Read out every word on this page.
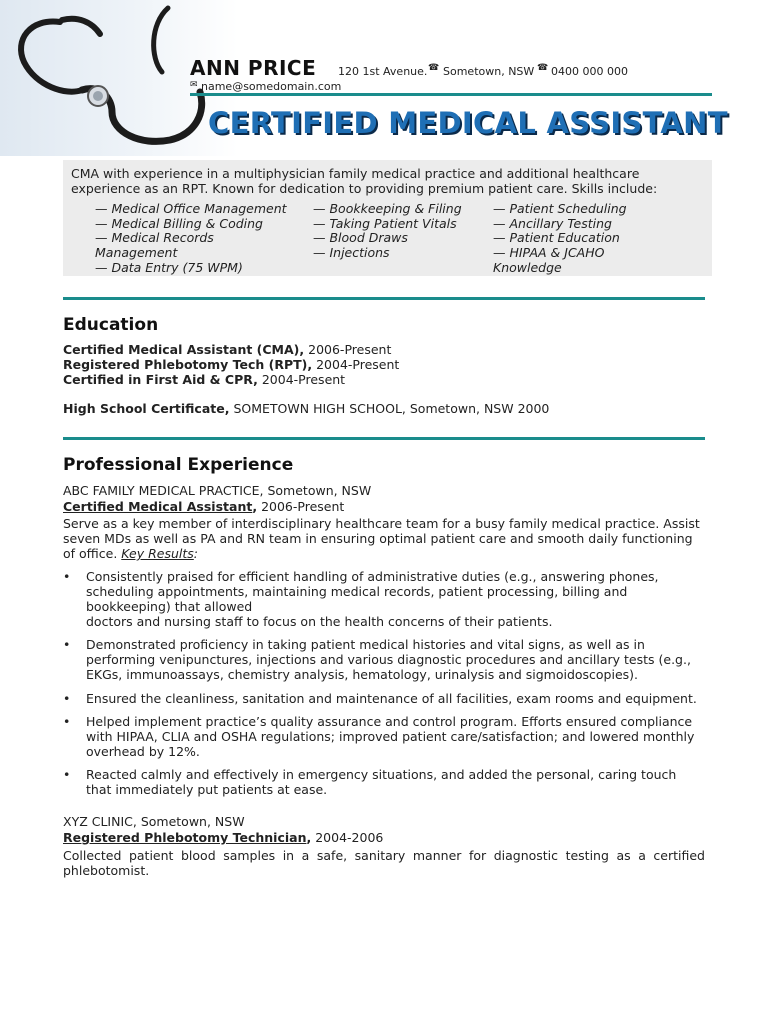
ANN PRICE 120 1st Avenue. ☎ Sometown, NSW ☎ 0400 000 000
✉ name@somedomain.com
CERTIFIED MEDICAL ASSISTANT
CMA with experience in a multiphysician family medical practice and additional healthcare experience as an RPT. Known for dedication to providing premium patient care. Skills include:
— Medical Office Management
— Medical Billing & Coding
— Medical Records
Management
— Data Entry (75 WPM)
— Bookkeeping & Filing
— Taking Patient Vitals
— Blood Draws
— Injections
— Patient Scheduling
— Ancillary Testing
— Patient Education
— HIPAA & JCAHO
Knowledge
Education
Certified Medical Assistant (CMA), 2006-Present
Registered Phlebotomy Tech (RPT), 2004-Present
Certified in First Aid & CPR, 2004-Present
High School Certificate, SOMETOWN HIGH SCHOOL, Sometown, NSW 2000
Professional Experience
ABC FAMILY MEDICAL PRACTICE, Sometown, NSW
Certified Medical Assistant, 2006-Present
Serve as a key member of interdisciplinary healthcare team for a busy family medical practice. Assist seven MDs as well as PA and RN team in ensuring optimal patient care and smooth daily functioning of office. Key Results:
• Consistently praised for efficient handling of administrative duties (e.g., answering phones, scheduling appointments, maintaining medical records, patient processing, billing and bookkeeping) that allowed
doctors and nursing staff to focus on the health concerns of their patients.
• Demonstrated proficiency in taking patient medical histories and vital signs, as well as in performing venipunctures, injections and various diagnostic procedures and ancillary tests (e.g., EKGs, immunoassays, chemistry analysis, hematology, urinalysis and sigmoidoscopies).
• Ensured the cleanliness, sanitation and maintenance of all facilities, exam rooms and equipment.
• Helped implement practice’s quality assurance and control program. Efforts ensured compliance with HIPAA, CLIA and OSHA regulations; improved patient care/satisfaction; and lowered monthly overhead by 12%.
• Reacted calmly and effectively in emergency situations, and added the personal, caring touch that immediately put patients at ease.
XYZ CLINIC, Sometown, NSW
Registered Phlebotomy Technician, 2004-2006
Collected patient blood samples in a safe, sanitary manner for diagnostic testing as a certified phlebotomist.
